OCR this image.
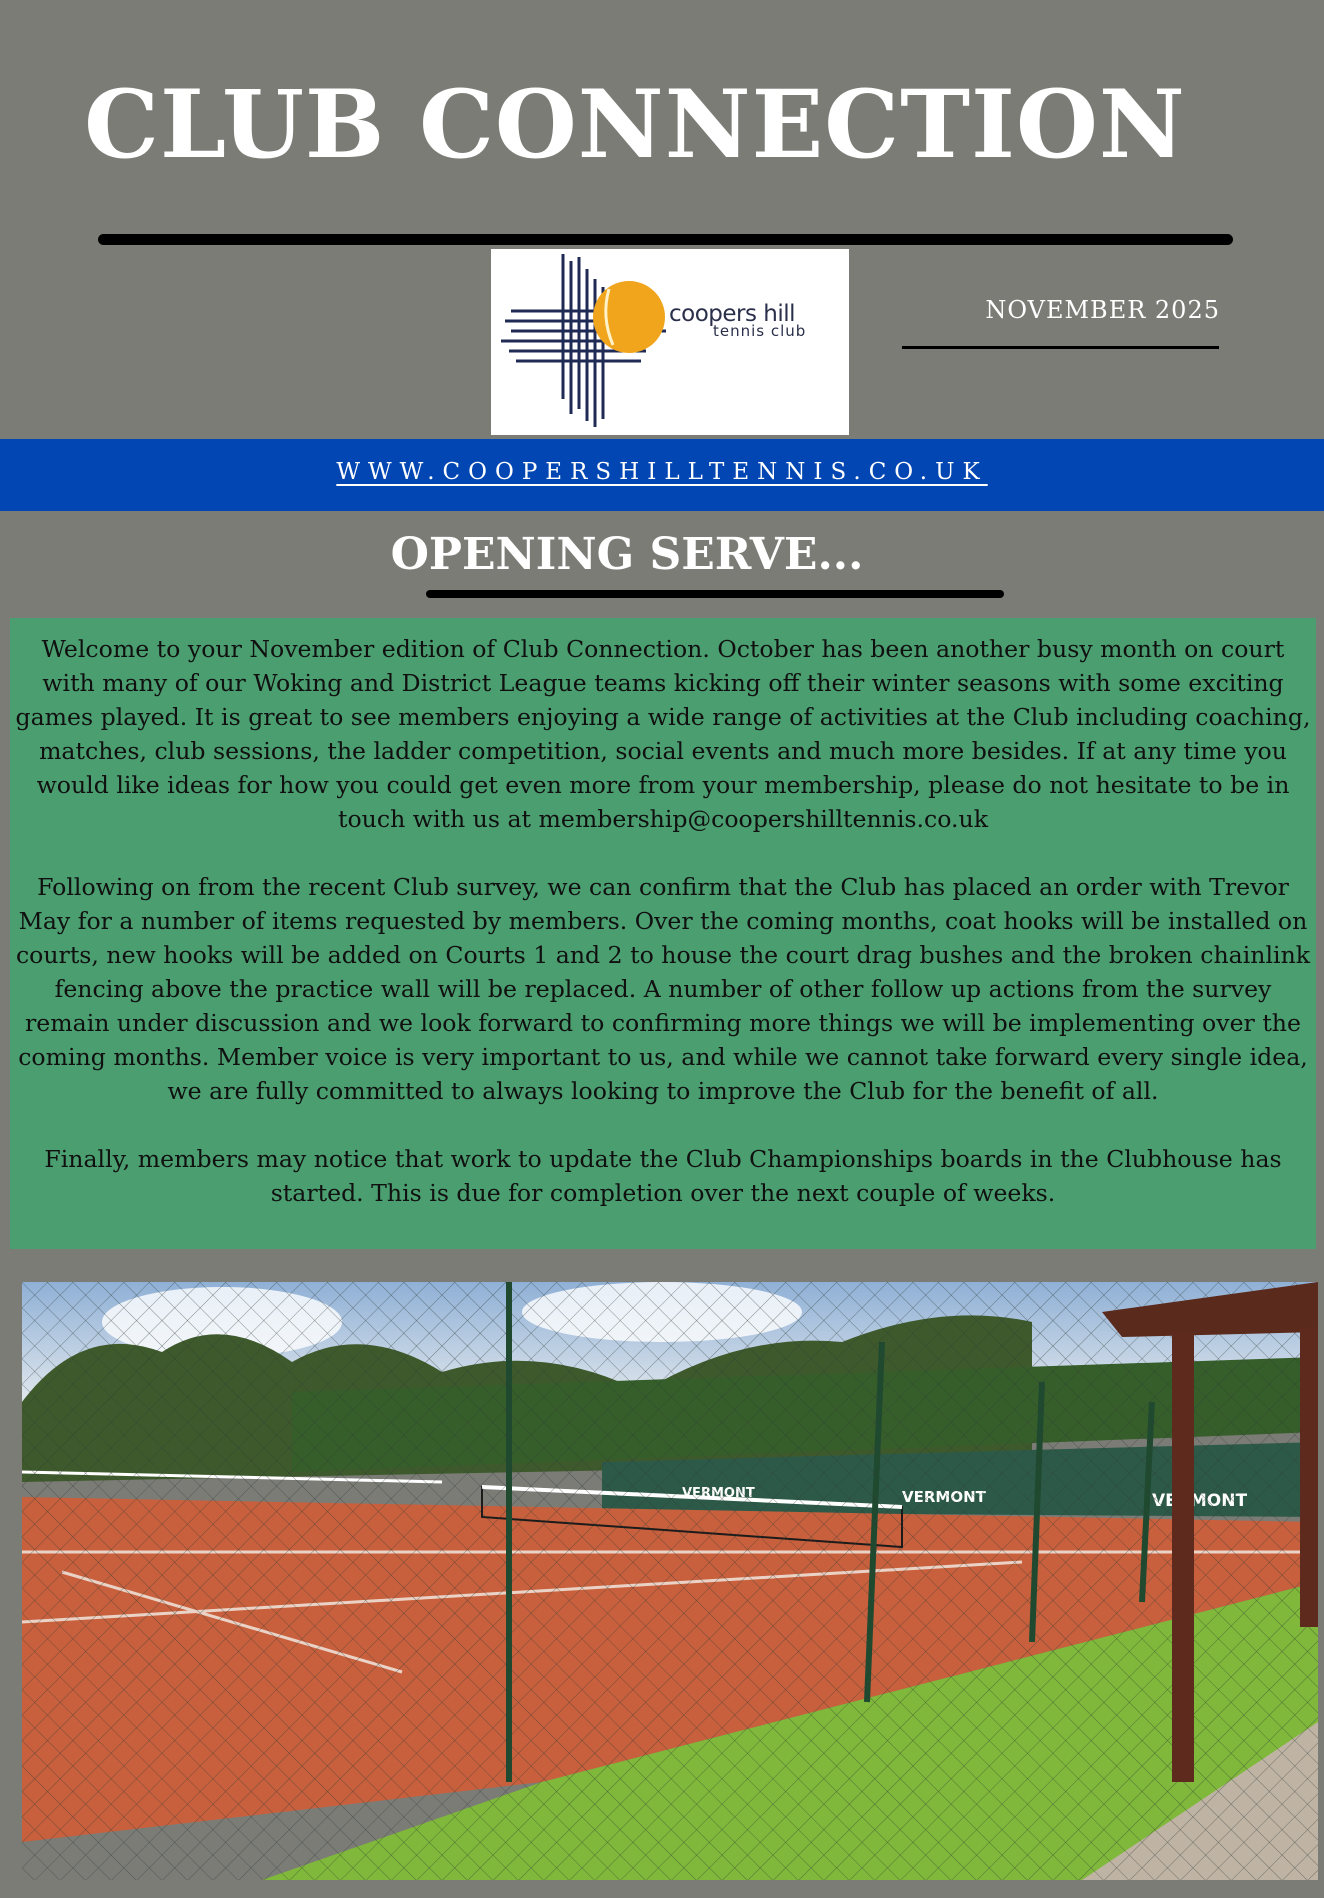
CLUB CONNECTION
coopers hill
tennis club
NOVEMBER 2025
WWW.COOPERSHILLTENNIS.CO.UK
OPENING SERVE...

Welcome to your November edition of Club Connection. October has been another busy month on court with many of our Woking and District League teams kicking off their winter seasons with some exciting games played. It is great to see members enjoying a wide range of activities at the Club including coaching, matches, club sessions, the ladder competition, social events and much more besides. If at any time you would like ideas for how you could get even more from your membership, please do not hesitate to be in touch with us at membership@coopershilltennis.co.uk

Following on from the recent Club survey, we can confirm that the Club has placed an order with Trevor May for a number of items requested by members. Over the coming months, coat hooks will be installed on courts, new hooks will be added on Courts 1 and 2 to house the court drag bushes and the broken chainlink fencing above the practice wall will be replaced. A number of other follow up actions from the survey remain under discussion and we look forward to confirming more things we will be implementing over the coming months. Member voice is very important to us, and while we cannot take forward every single idea, we are fully committed to always looking to improve the Club for the benefit of all.

Finally, members may notice that work to update the Club Championships boards in the Clubhouse has started. This is due for completion over the next couple of weeks.
